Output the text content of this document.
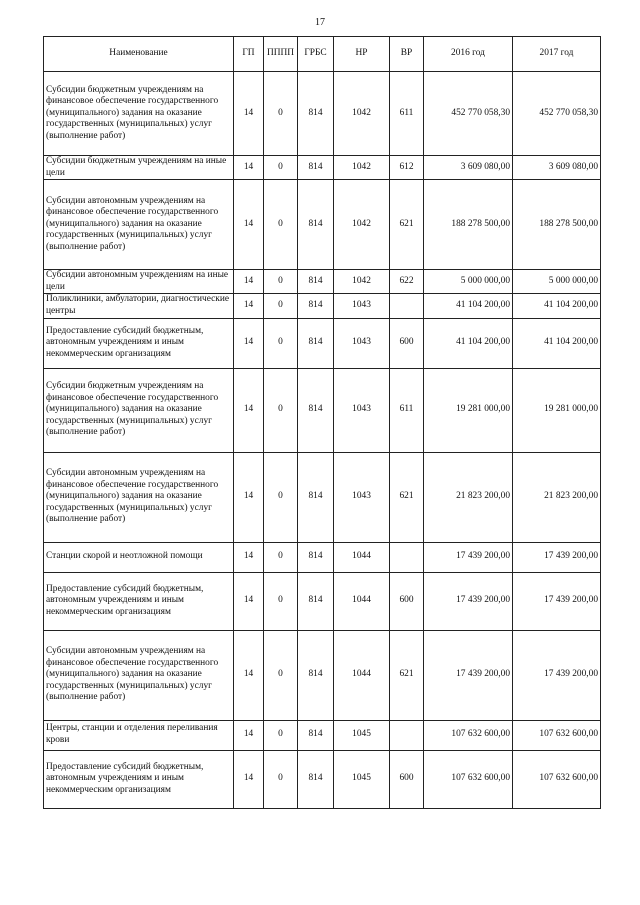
17
Наименование	ГП	ПППП	ГРБС	НР	ВР	2016 год	2017 год
Субсидии бюджетным учреждениям на финансовое обеспечение государственного (муниципального) задания на оказание государственных (муниципальных) услуг (выполнение работ)	14	0	814	1042	611	452 770 058,30	452 770 058,30
Субсидии бюджетным учреждениям на иные цели	14	0	814	1042	612	3 609 080,00	3 609 080,00
Субсидии автономным учреждениям на финансовое обеспечение государственного (муниципального) задания на оказание государственных (муниципальных) услуг (выполнение работ)	14	0	814	1042	621	188 278 500,00	188 278 500,00
Субсидии автономным учреждениям на иные цели	14	0	814	1042	622	5 000 000,00	5 000 000,00
Поликлиники, амбулатории, диагностические центры	14	0	814	1043		41 104 200,00	41 104 200,00
Предоставление субсидий бюджетным, автономным учреждениям и иным некоммерческим организациям	14	0	814	1043	600	41 104 200,00	41 104 200,00
Субсидии бюджетным учреждениям на финансовое обеспечение государственного (муниципального) задания на оказание государственных (муниципальных) услуг (выполнение работ)	14	0	814	1043	611	19 281 000,00	19 281 000,00
Субсидии автономным учреждениям на финансовое обеспечение государственного (муниципального) задания на оказание государственных (муниципальных) услуг (выполнение работ)	14	0	814	1043	621	21 823 200,00	21 823 200,00
Станции скорой и неотложной помощи	14	0	814	1044		17 439 200,00	17 439 200,00
Предоставление субсидий бюджетным, автономным учреждениям и иным некоммерческим организациям	14	0	814	1044	600	17 439 200,00	17 439 200,00
Субсидии автономным учреждениям на финансовое обеспечение государственного (муниципального) задания на оказание государственных (муниципальных) услуг (выполнение работ)	14	0	814	1044	621	17 439 200,00	17 439 200,00
Центры, станции и отделения переливания крови	14	0	814	1045		107 632 600,00	107 632 600,00
Предоставление субсидий бюджетным, автономным учреждениям и иным некоммерческим организациям	14	0	814	1045	600	107 632 600,00	107 632 600,00
